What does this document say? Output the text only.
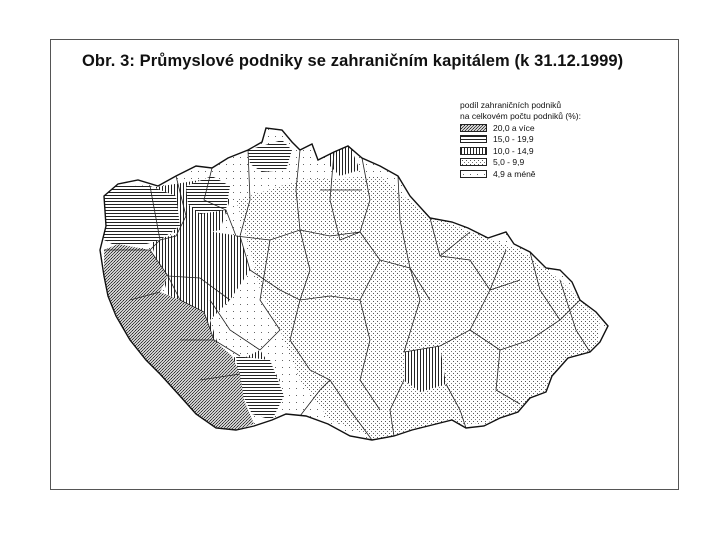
Obr. 3: Průmyslové podniky se zahraničním kapitálem (k 31.12.1999)
podíl zahraničních podniků
na celkovém počtu podniků (%):
20,0 a více
15,0 - 19,9
10,0 - 14,9
5,0 - 9,9
4,9 a méně
